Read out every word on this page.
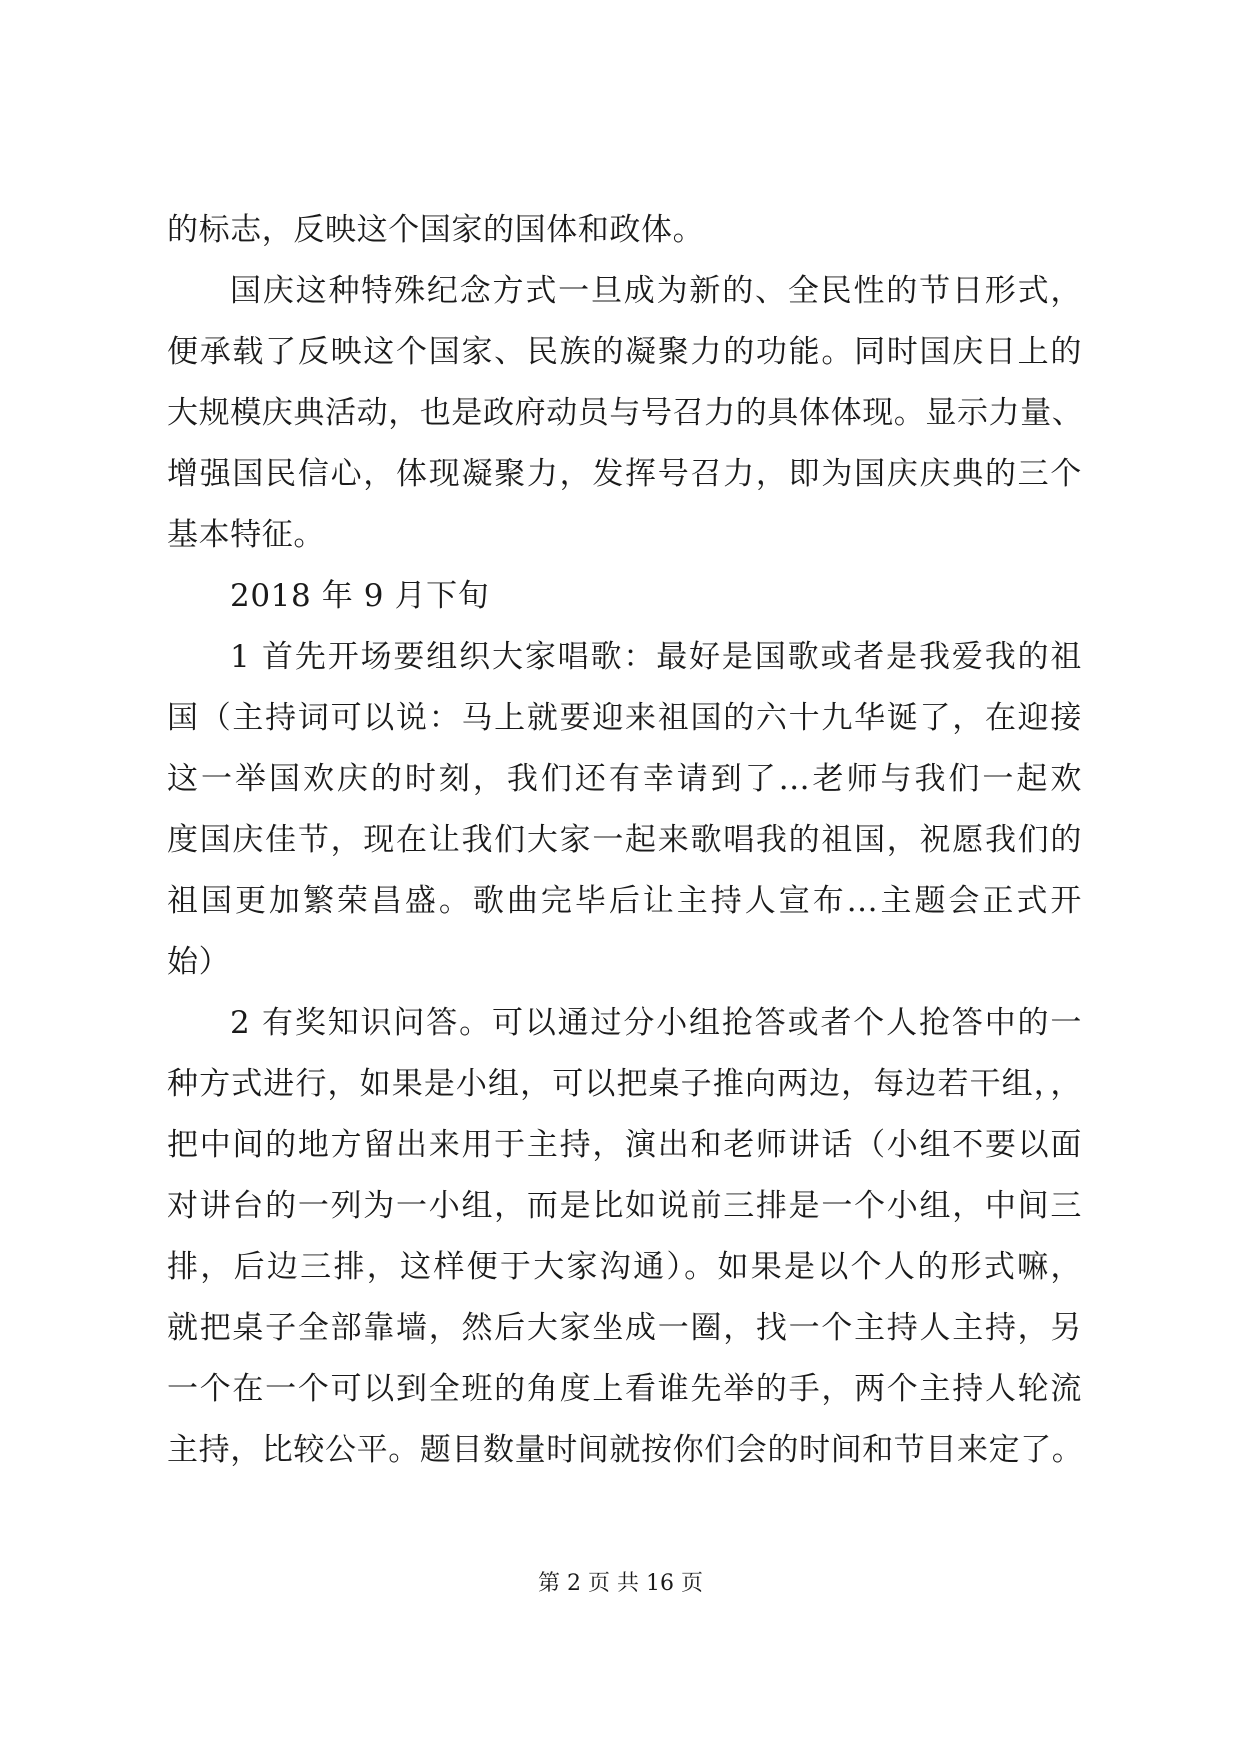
的标志，反映这个国家的国体和政体。
国庆这种特殊纪念方式一旦成为新的、全民性的节日形式，
便承载了反映这个国家、民族的凝聚力的功能。同时国庆日上的
大规模庆典活动，也是政府动员与号召力的具体体现。显示力量、
增强国民信心，体现凝聚力，发挥号召力，即为国庆庆典的三个
基本特征。
2018 年 9 月下旬
1 首先开场要组织大家唱歌：最好是国歌或者是我爱我的祖
国（主持词可以说：马上就要迎来祖国的六十九华诞了，在迎接
这一举国欢庆的时刻，我们还有幸请到了...老师与我们一起欢
度国庆佳节，现在让我们大家一起来歌唱我的祖国，祝愿我们的
祖国更加繁荣昌盛。歌曲完毕后让主持人宣布...主题会正式开
始）
2 有奖知识问答。可以通过分小组抢答或者个人抢答中的一
种方式进行，如果是小组，可以把桌子推向两边，每边若干组，，
把中间的地方留出来用于主持，演出和老师讲话（小组不要以面
对讲台的一列为一小组，而是比如说前三排是一个小组，中间三
排，后边三排，这样便于大家沟通）。如果是以个人的形式嘛，
就把桌子全部靠墙，然后大家坐成一圈，找一个主持人主持，另
一个在一个可以到全班的角度上看谁先举的手，两个主持人轮流
主持，比较公平。题目数量时间就按你们会的时间和节目来定了。
第 2 页 共 16 页
